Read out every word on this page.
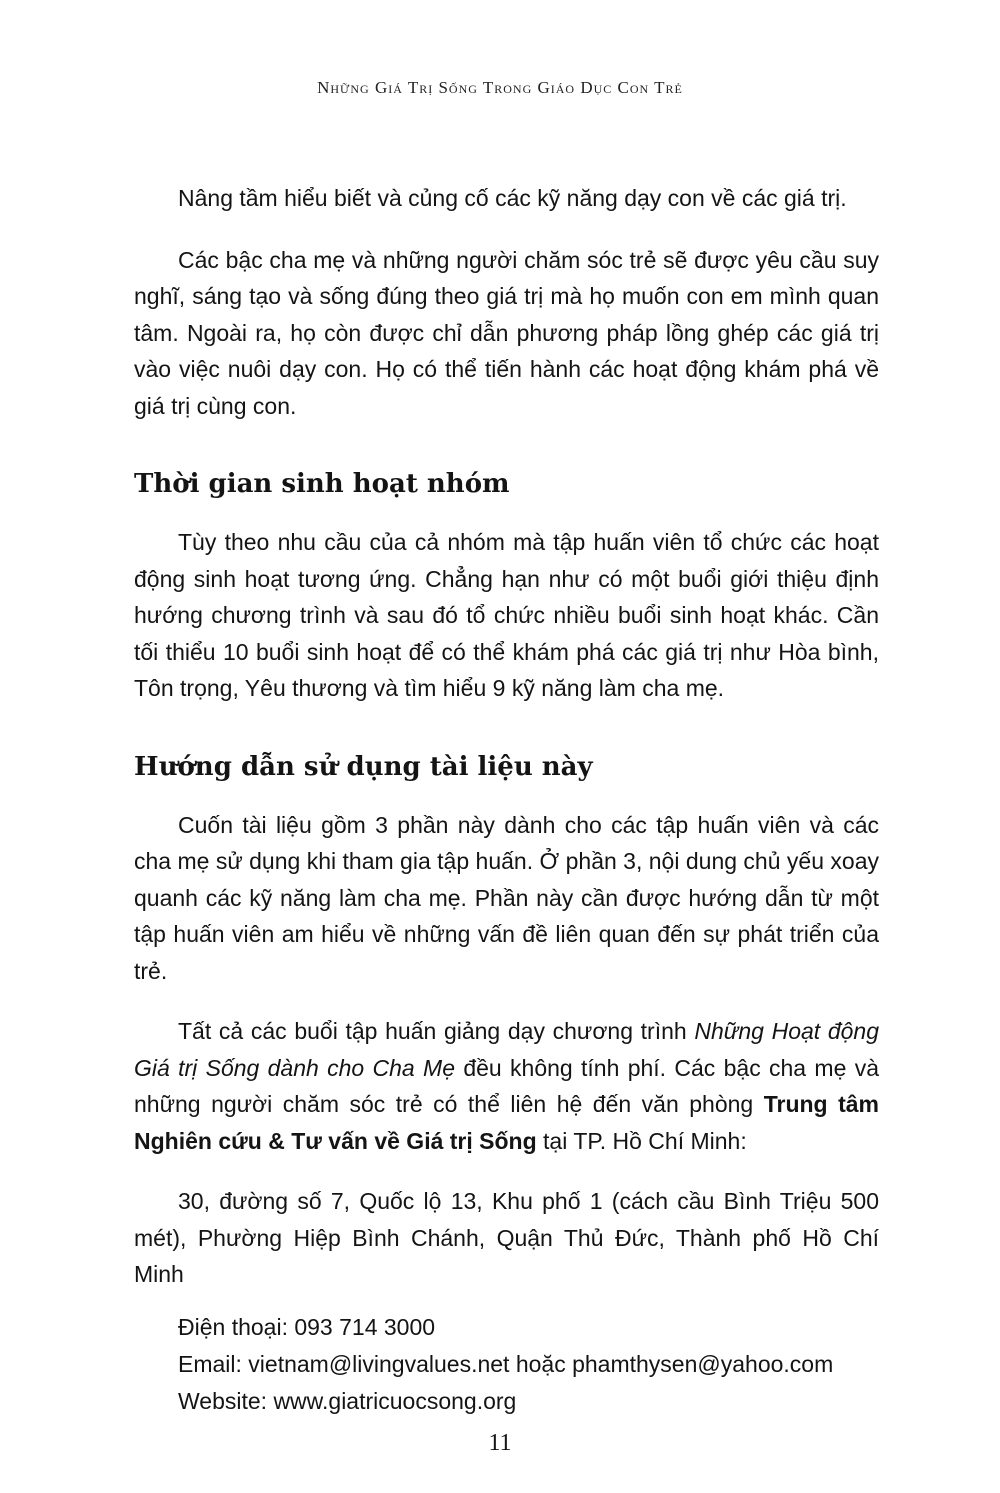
Những Giá Trị Sống Trong Giáo Dục Con Trẻ

Nâng tầm hiểu biết và củng cố các kỹ năng dạy con về các giá trị.

Các bậc cha mẹ và những người chăm sóc trẻ sẽ được yêu cầu suy nghĩ, sáng tạo và sống đúng theo giá trị mà họ muốn con em mình quan tâm. Ngoài ra, họ còn được chỉ dẫn phương pháp lồng ghép các giá trị vào việc nuôi dạy con. Họ có thể tiến hành các hoạt động khám phá về giá trị cùng con.

Thời gian sinh hoạt nhóm

Tùy theo nhu cầu của cả nhóm mà tập huấn viên tổ chức các hoạt động sinh hoạt tương ứng. Chẳng hạn như có một buổi giới thiệu định hướng chương trình và sau đó tổ chức nhiều buổi sinh hoạt khác. Cần tối thiểu 10 buổi sinh hoạt để có thể khám phá các giá trị như Hòa bình, Tôn trọng, Yêu thương và tìm hiểu 9 kỹ năng làm cha mẹ.

Hướng dẫn sử dụng tài liệu này

Cuốn tài liệu gồm 3 phần này dành cho các tập huấn viên và các cha mẹ sử dụng khi tham gia tập huấn. Ở phần 3, nội dung chủ yếu xoay quanh các kỹ năng làm cha mẹ. Phần này cần được hướng dẫn từ một tập huấn viên am hiểu về những vấn đề liên quan đến sự phát triển của trẻ.

Tất cả các buổi tập huấn giảng dạy chương trình Những Hoạt động Giá trị Sống dành cho Cha Mẹ đều không tính phí. Các bậc cha mẹ và những người chăm sóc trẻ có thể liên hệ đến văn phòng Trung tâm Nghiên cứu & Tư vấn về Giá trị Sống tại TP. Hồ Chí Minh:

30, đường số 7, Quốc lộ 13, Khu phố 1 (cách cầu Bình Triệu 500 mét), Phường Hiệp Bình Chánh, Quận Thủ Đức, Thành phố Hồ Chí Minh

Điện thoại: 093 714 3000
Email: vietnam@livingvalues.net hoặc phamthysen@yahoo.com
Website: www.giatricuocsong.org
11
